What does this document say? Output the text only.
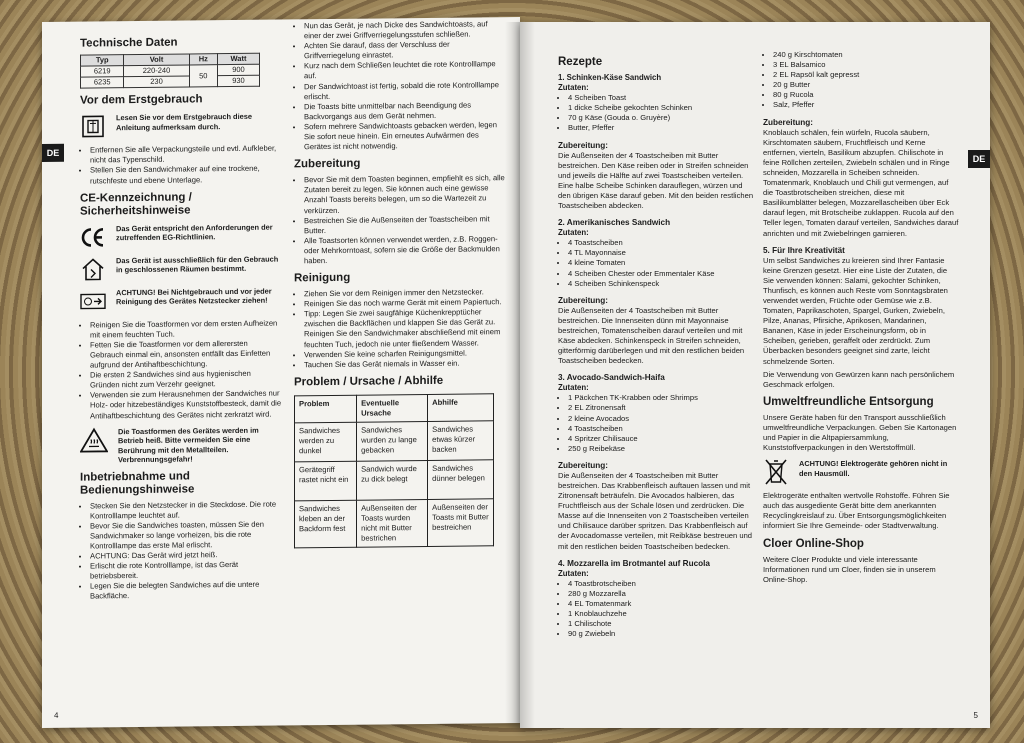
DE
Technische Daten
Typ	Volt	Hz	Watt
6219	220-240	50	900
6235	230		930
Vor dem Erstgebrauch
Lesen Sie vor dem Erstgebrauch diese Anleitung aufmerksam durch.
• Entfernen Sie alle Verpackungsteile und evtl. Aufkleber, nicht das Typenschild.
• Stellen Sie den Sandwichmaker auf eine trockene, rutschfeste und ebene Unterlage.
CE-Kennzeichnung / Sicherheitshinweise
Das Gerät entspricht den Anforderungen der zutreffenden EG-Richtlinien.
Das Gerät ist ausschließlich für den Gebrauch in geschlossenen Räumen bestimmt.
ACHTUNG! Bei Nichtgebrauch und vor jeder Reinigung des Gerätes Netzstecker ziehen!
• Reinigen Sie die Toastformen vor dem ersten Aufheizen mit einem feuchten Tuch.
• Fetten Sie die Toastformen vor dem allerersten Gebrauch einmal ein, ansonsten entfällt das Einfetten aufgrund der Antihaftbeschichtung.
• Die ersten 2 Sandwiches sind aus hygienischen Gründen nicht zum Verzehr geeignet.
• Verwenden sie zum Herausnehmen der Sandwiches nur Holz- oder hitzebeständiges Kunststoffbesteck, damit die Antihaftbeschichtung des Gerätes nicht zerkratzt wird.
Die Toastformen des Gerätes werden im Betrieb heiß. Bitte vermeiden Sie eine Berührung mit den Metallteilen. Verbrennungsgefahr!
Inbetriebnahme und Bedienungshinweise
• Stecken Sie den Netzstecker in die Steckdose. Die rote Kontrolllampe leuchtet auf.
• Bevor Sie die Sandwiches toasten, müssen Sie den Sandwichmaker so lange vorheizen, bis die rote Kontrolllampe das erste Mal erlischt.
• ACHTUNG: Das Gerät wird jetzt heiß.
• Erlischt die rote Kontrolllampe, ist das Gerät betriebsbereit.
• Legen Sie die belegten Sandwiches auf die untere Backfläche.
• Nun das Gerät, je nach Dicke des Sandwichtoasts, auf einer der zwei Griffverriegelungsstufen schließen.
• Achten Sie darauf, dass der Verschluss der Griffverriegelung einrastet.
• Kurz nach dem Schließen leuchtet die rote Kontrolllampe auf.
• Der Sandwichtoast ist fertig, sobald die rote Kontrolllampe erlischt.
• Die Toasts bitte unmittelbar nach Beendigung des Backvorgangs aus dem Gerät nehmen.
• Sofern mehrere Sandwichtoasts gebacken werden, legen Sie sofort neue hinein. Ein erneutes Aufwärmen des Gerätes ist nicht notwendig.
Zubereitung
• Bevor Sie mit dem Toasten beginnen, empfiehlt es sich, alle Zutaten bereit zu legen. Sie können auch eine gewisse Anzahl Toasts bereits belegen, um so die Wartezeit zu verkürzen.
• Bestreichen Sie die Außenseiten der Toastscheiben mit Butter.
• Alle Toastsorten können verwendet werden, z.B. Roggen- oder Mehrkorntoast, sofern sie die Größe der Backmulden haben.
Reinigung
• Ziehen Sie vor dem Reinigen immer den Netzstecker.
• Reinigen Sie das noch warme Gerät mit einem Papiertuch.
• Tipp: Legen Sie zwei saugfähige Küchenkrepptücher zwischen die Backflächen und klappen Sie das Gerät zu. Reinigen Sie den Sandwichmaker abschließend mit einem feuchten Tuch, jedoch nie unter fließendem Wasser.
• Verwenden Sie keine scharfen Reinigungsmittel.
• Tauchen Sie das Gerät niemals in Wasser ein.
Problem / Ursache / Abhilfe
Problem	Eventuelle Ursache	Abhilfe
Sandwiches werden zu dunkel	Sandwiches wurden zu lange gebacken	Sandwiches etwas kürzer backen
Gerätegriff rastet nicht ein	Sandwich wurde zu dick belegt	Sandwiches dünner belegen
Sandwiches kleben an der Backform fest	Außenseiten der Toasts wurden nicht mit Butter bestrichen	Außenseiten der Toasts mit Butter bestreichen
4
DE
Rezepte
1. Schinken-Käse Sandwich
Zutaten:
• 4 Scheiben Toast
• 1 dicke Scheibe gekochten Schinken
• 70 g Käse (Gouda o. Gruyère)
• Butter, Pfeffer
Zubereitung:

Die Außenseiten der 4 Toastscheiben mit Butter bestreichen. Den Käse reiben oder in Streifen schneiden und jeweils die Hälfte auf zwei Toastscheiben verteilen. Eine halbe Scheibe Schinken darauflegen, würzen und den übrigen Käse darauf geben. Mit den beiden restlichen Toastscheiben abdecken.

2. Amerikanisches Sandwich
Zutaten:
• 4 Toastscheiben
• 4 TL Mayonnaise
• 4 kleine Tomaten
• 4 Scheiben Chester oder Emmentaler Käse
• 4 Scheiben Schinkenspeck
Zubereitung:

Die Außenseiten der 4 Toastscheiben mit Butter bestreichen. Die Innenseiten dünn mit Mayonnaise bestreichen, Tomatenscheiben darauf verteilen und mit Käse abdecken. Schinkenspeck in Streifen schneiden, gitterförmig darüberlegen und mit den restlichen beiden Toastscheiben bedecken.

3. Avocado-Sandwich-Haifa
Zutaten:
• 1 Päckchen TK-Krabben oder Shrimps
• 2 EL Zitronensaft
• 2 kleine Avocados
• 4 Toastscheiben
• 4 Spritzer Chilisauce
• 250 g Reibekäse
Zubereitung:

Die Außenseiten der 4 Toastscheiben mit Butter bestreichen. Das Krabbenfleisch auftauen lassen und mit Zitronensaft beträufeln. Die Avocados halbieren, das Fruchtfleisch aus der Schale lösen und zerdrücken. Die Masse auf die Innenseiten von 2 Toastscheiben verteilen und Chilisauce darüber spritzen. Das Krabbenfleisch auf der Avocadomasse verteilen, mit Reibkäse bestreuen und mit den restlichen beiden Toastscheiben bedecken.

4. Mozzarella im Brotmantel auf Rucola
Zutaten:
• 4 Toastbrotscheiben
• 280 g Mozzarella
• 4 EL Tomatenmark
• 1 Knoblauchzehe
• 1 Chilischote
• 90 g Zwiebeln
• 240 g Kirschtomaten
• 3 EL Balsamico
• 2 EL Rapsöl kalt gepresst
• 20 g Butter
• 80 g Rucola
• Salz, Pfeffer
Zubereitung:

Knoblauch schälen, fein würfeln, Rucola säubern, Kirschtomaten säubern, Fruchtfleisch und Kerne entfernen, vierteln, Basilikum abzupfen. Chilischote in feine Röllchen zerteilen, Zwiebeln schälen und in Ringe schneiden, Mozzarella in Scheiben schneiden. Tomatenmark, Knoblauch und Chili gut vermengen, auf die Toastbrotscheiben streichen, diese mit Basilikumblätter belegen, Mozzarellascheiben über Eck darauf legen, mit Brotscheibe zuklappen. Rucola auf den Teller legen, Tomaten darauf verteilen, Sandwiches darauf anrichten und mit Zwiebelringen garnieren.

5. Für Ihre Kreativität

Um selbst Sandwiches zu kreieren sind Ihrer Fantasie keine Grenzen gesetzt. Hier eine Liste der Zutaten, die Sie verwenden können: Salami, gekochter Schinken, Thunfisch, es können auch Reste vom Sonntagsbraten verwendet werden, Früchte oder Gemüse wie z.B. Tomaten, Paprikaschoten, Spargel, Gurken, Zwiebeln, Pilze, Ananas, Pfirsiche, Aprikosen, Mandarinen, Bananen, Käse in jeder Erscheinungsform, ob in Scheiben, gerieben, geraffelt oder zerdrückt. Zum Überbacken besonders geeignet sind zarte, leicht schmelzende Sorten.

Die Verwendung von Gewürzen kann nach persönlichem Geschmack erfolgen.

Umweltfreundliche Entsorgung

Unsere Geräte haben für den Transport ausschließlich umweltfreundliche Verpackungen. Geben Sie Kartonagen und Papier in die Altpapiersammlung, Kunststoffverpackungen in den Wertstoffmüll.

ACHTUNG! Elektrogeräte gehören nicht in den Hausmüll.

Elektrogeräte enthalten wertvolle Rohstoffe. Führen Sie auch das ausgediente Gerät bitte dem anerkannten Recyclingkreislauf zu. Über Entsorgungsmöglichkeiten informiert Sie Ihre Gemeinde- oder Stadtverwaltung.

Cloer Online-Shop

Weitere Cloer Produkte und viele interessante Informationen rund um Cloer, finden sie in unserem Online-Shop.

5
